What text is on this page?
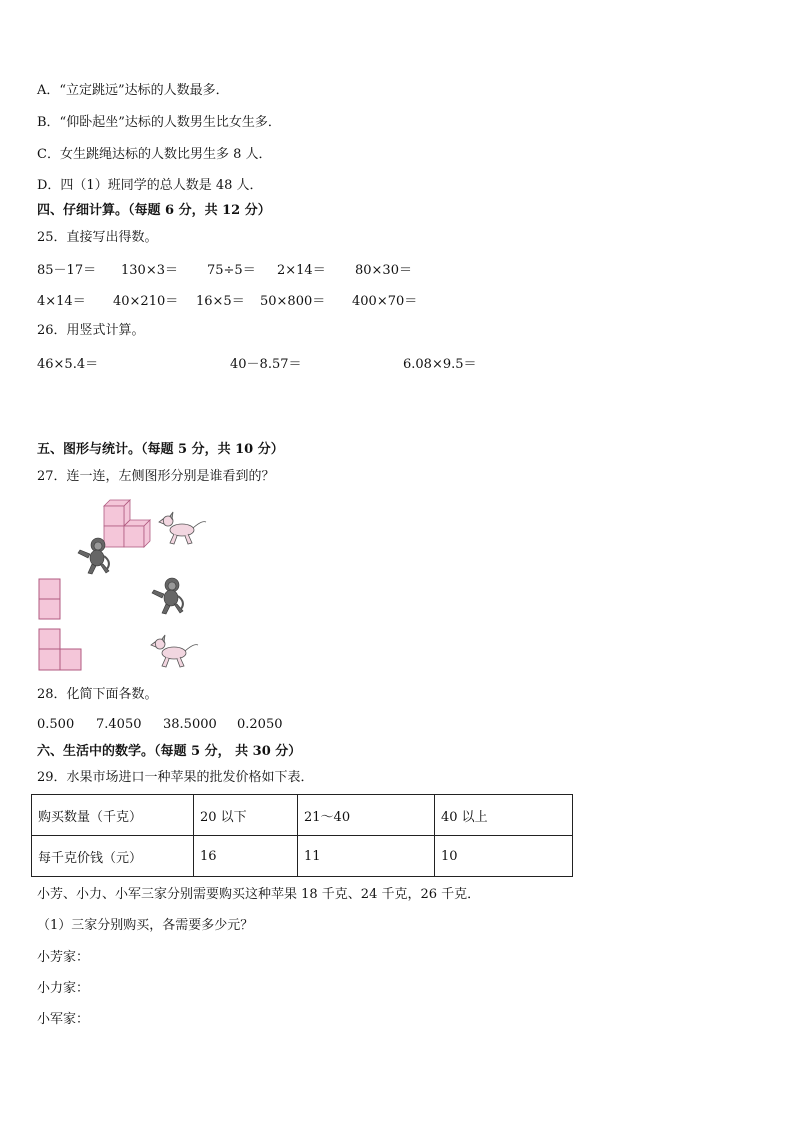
A．“立定跳远”达标的人数最多．
B．“仰卧起坐”达标的人数男生比女生多．
C．女生跳绳达标的人数比男生多 8 人．
D．四（1）班同学的总人数是 48 人．
四、仔细计算。（每题 6 分，共 12 分）
25．直接写出得数。
85－17＝ 130×3＝ 75÷5＝ 2×14＝ 80×30＝
4×14＝ 40×210＝ 16×5＝ 50×800＝ 400×70＝
26．用竖式计算。
46×5.4＝	40－8.57＝	6.08×9.5＝
五、图形与统计。（每题 5 分，共 10 分）
27．连一连，左侧图形分别是谁看到的？
28．化简下面各数。
0.500 7.4050 38.5000 0.2050
六、生活中的数学。（每题 5 分， 共 30 分）
29．水果市场进口一种苹果的批发价格如下表．
购买数量（千克）	20 以下	21～40	40 以上
每千克价钱（元）	16	11	10
小芳、小力、小军三家分别需要购买这种苹果 18 千克、24 千克，26 千克．
（1）三家分别购买，各需要多少元？
小芳家：
小力家：
小军家：
